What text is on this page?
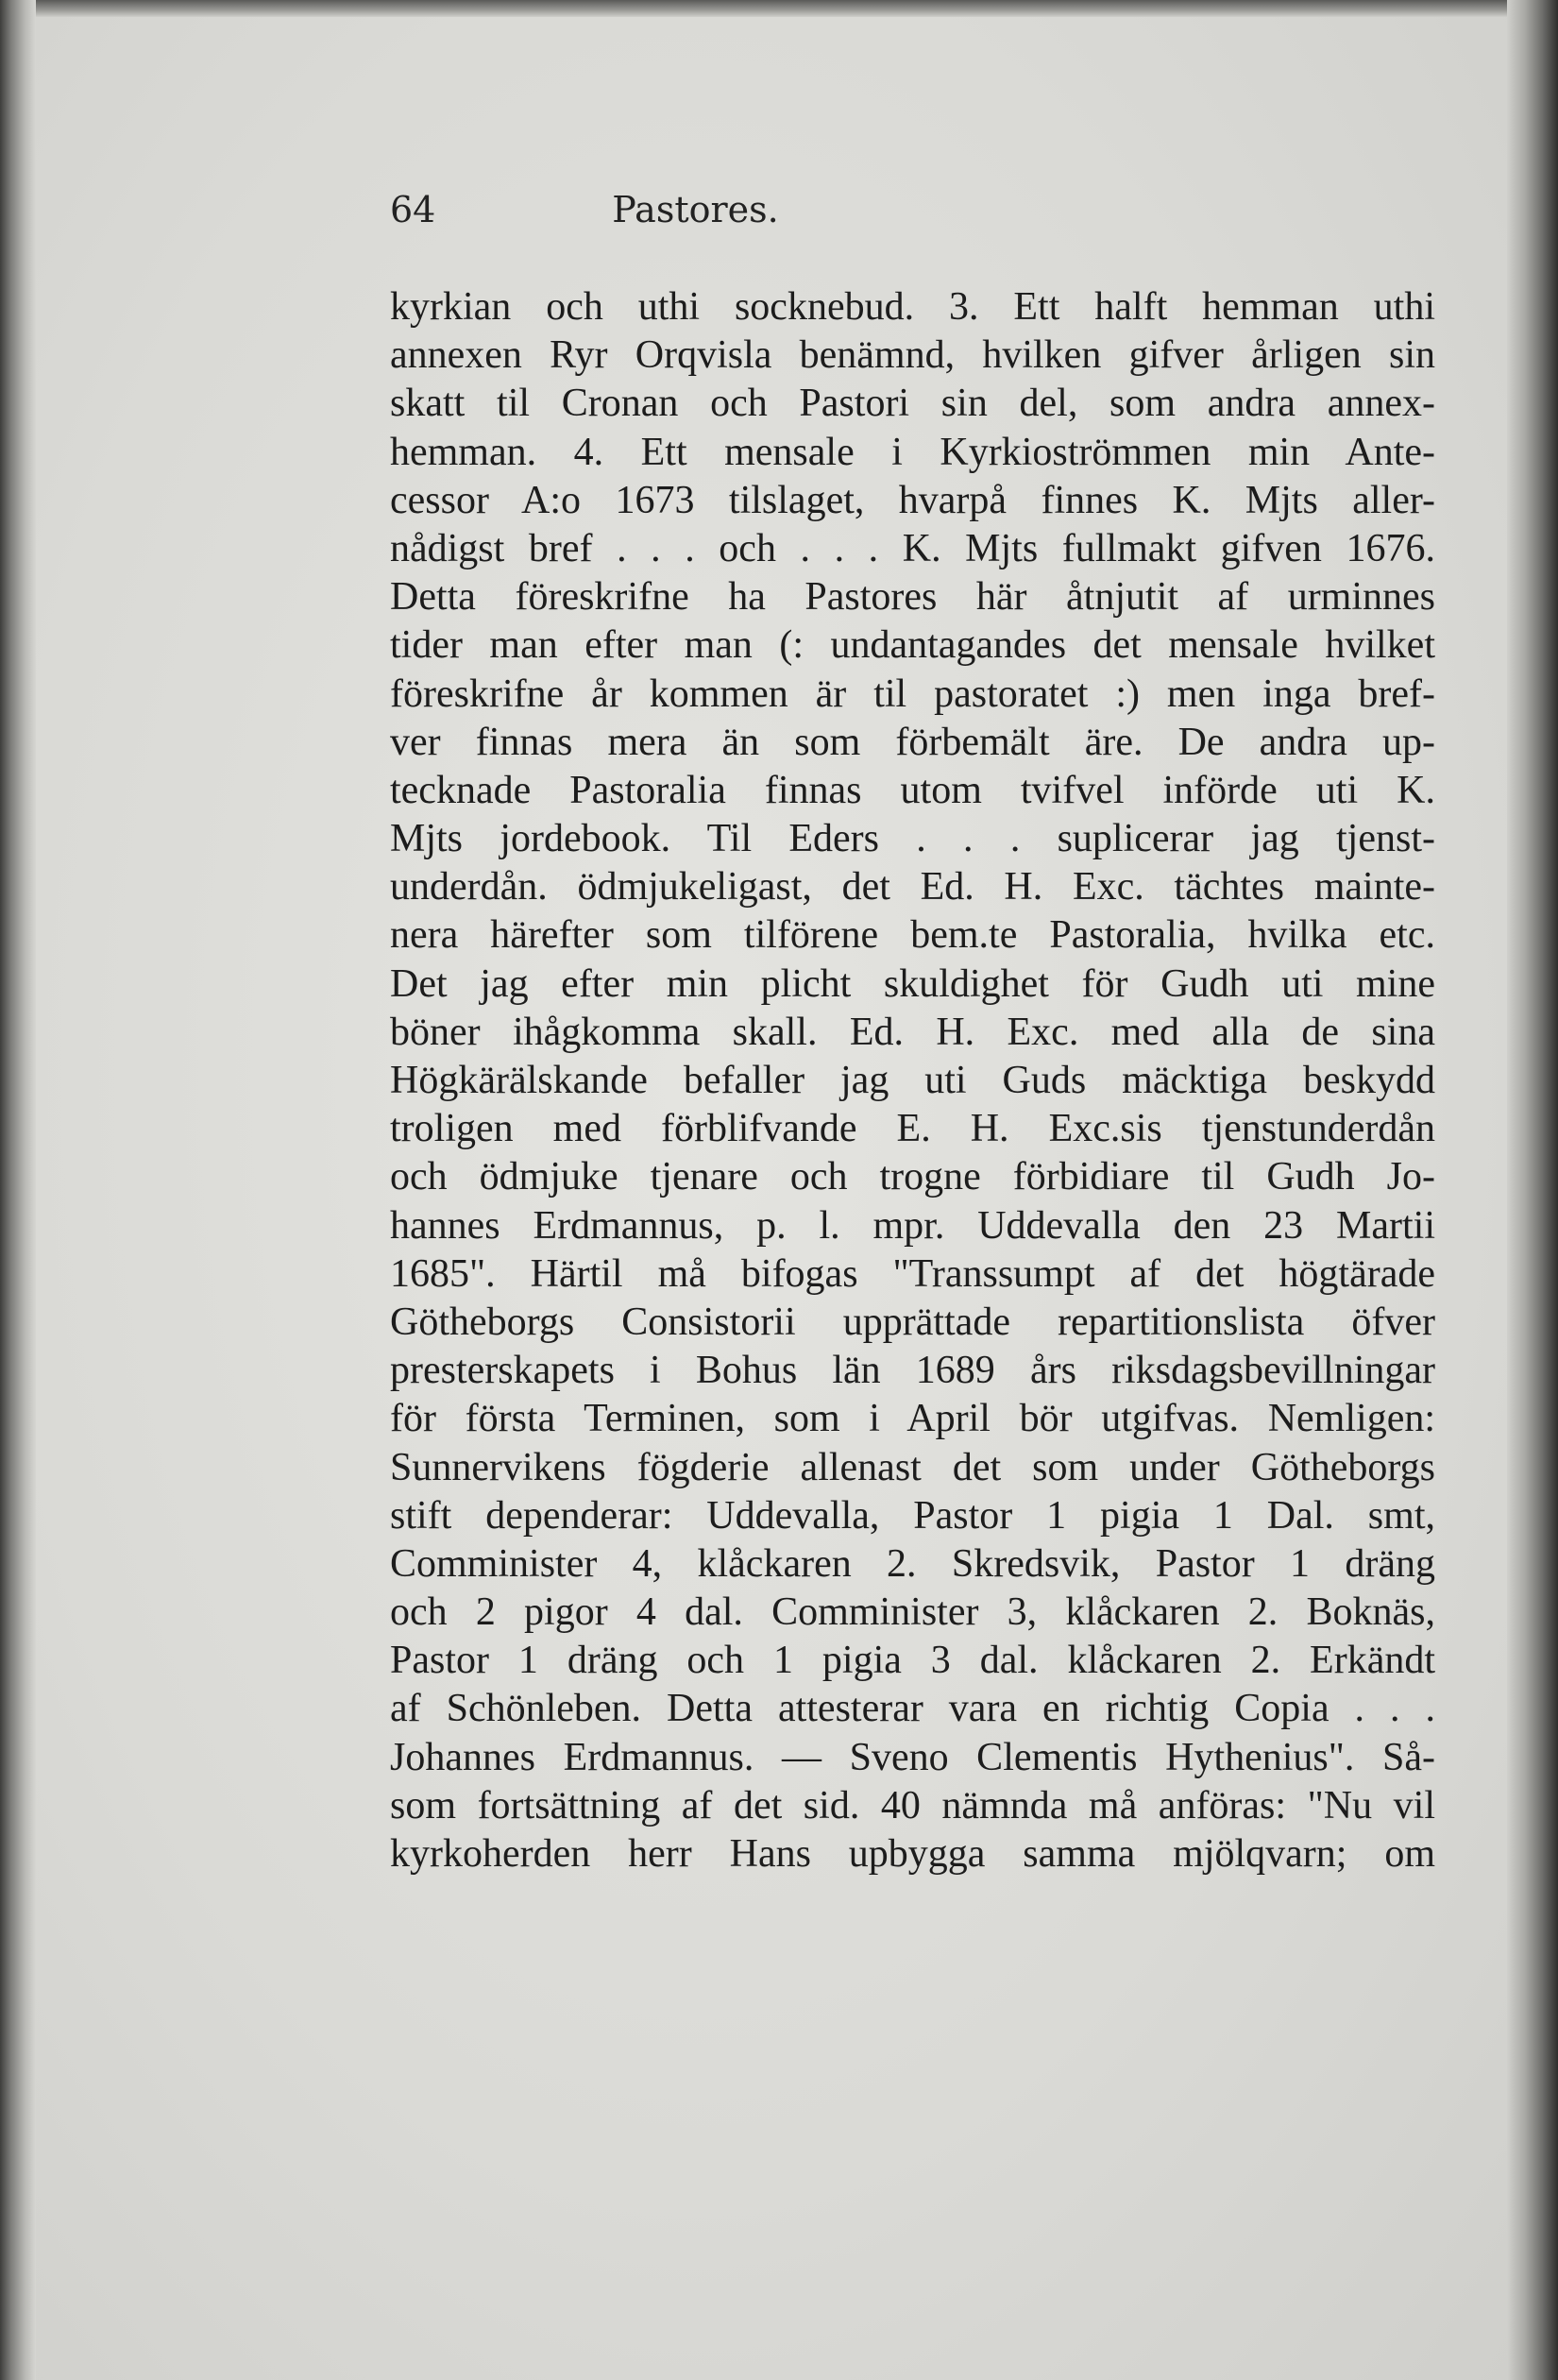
64	Pastores.
kyrkian och uthi socknebud. 3. Ett halft hemman uthi
annexen Ryr Orqvisla benämnd, hvilken gifver årligen sin
skatt til Cronan och Pastori sin del, som andra annex-
hemman. 4. Ett mensale i Kyrkioströmmen min Ante-
cessor A:o 1673 tilslaget, hvarpå finnes K. Mjts aller-
nådigst bref . . . och . . . K. Mjts fullmakt gifven 1676.
Detta föreskrifne ha Pastores här åtnjutit af urminnes
tider man efter man (: undantagandes det mensale hvilket
föreskrifne år kommen är til pastoratet :) men inga bref-
ver finnas mera än som förbemält äre. De andra up-
tecknade Pastoralia finnas utom tvifvel införde uti K.
Mjts jordebook. Til Eders . . . suplicerar jag tjenst-
underdån. ödmjukeligast, det Ed. H. Exc. tächtes mainte-
nera härefter som tilförene bem.te Pastoralia, hvilka etc.
Det jag efter min plicht skuldighet för Gudh uti mine
böner ihågkomma skall. Ed. H. Exc. med alla de sina
Högkärälskande befaller jag uti Guds mäcktiga beskydd
troligen med förblifvande E. H. Exc.sis tjenstunderdån
och ödmjuke tjenare och trogne förbidiare til Gudh Jo-
hannes Erdmannus, p. l. mpr. Uddevalla den 23 Martii
1685". Härtil må bifogas "Transsumpt af det högtärade
Götheborgs Consistorii upprättade repartitionslista öfver
presterskapets i Bohus län 1689 års riksdagsbevillningar
för första Terminen, som i April bör utgifvas. Nemligen:
Sunnervikens fögderie allenast det som under Götheborgs
stift dependerar: Uddevalla, Pastor 1 pigia 1 Dal. smt,
Comminister 4, klåckaren 2. Skredsvik, Pastor 1 dräng
och 2 pigor 4 dal. Comminister 3, klåckaren 2. Boknäs,
Pastor 1 dräng och 1 pigia 3 dal. klåckaren 2. Erkändt
af Schönleben. Detta attesterar vara en richtig Copia . . .
Johannes Erdmannus. — Sveno Clementis Hythenius". Så-
som fortsättning af det sid. 40 nämnda må anföras: "Nu vil
kyrkoherden herr Hans upbygga samma mjölqvarn; om
